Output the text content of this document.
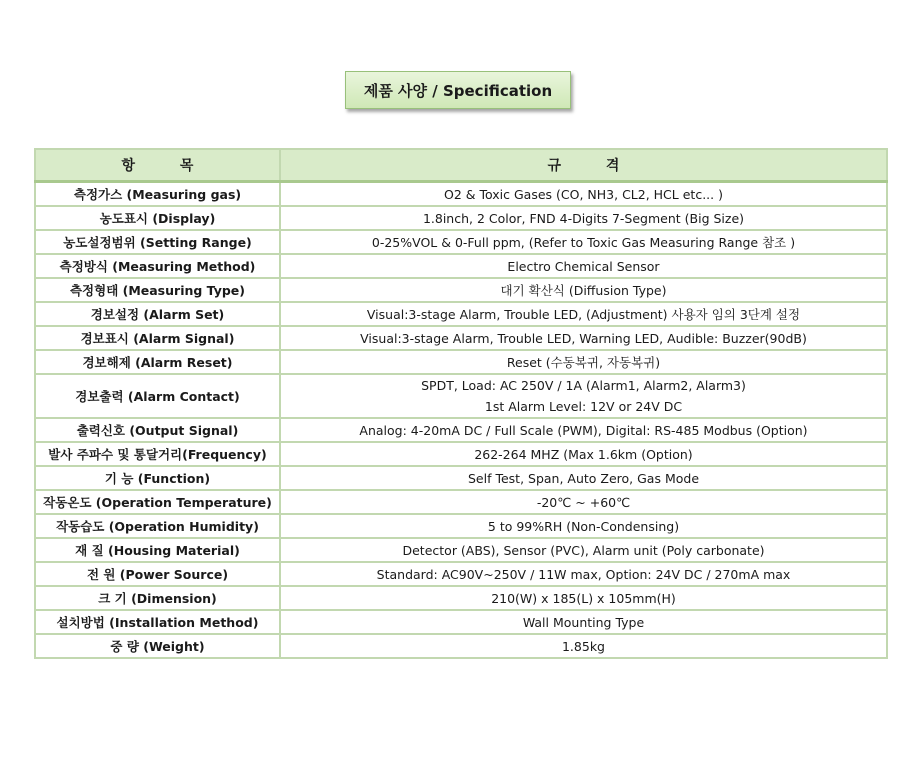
제품 사양 / Specification
항 목	규 격
측정가스 (Measuring gas)	O2 & Toxic Gases (CO, NH3, CL2, HCL etc... )

농도표시 (Display)	1.8inch, 2 Color, FND 4-Digits 7-Segment (Big Size)

농도설정범위 (Setting Range)	0-25%VOL & 0-Full ppm, (Refer to Toxic Gas Measuring Range 참조 )

측정방식 (Measuring Method)	Electro Chemical Sensor

측정형태 (Measuring Type)	대기 확산식 (Diffusion Type)

경보설정 (Alarm Set)	Visual:3-stage Alarm, Trouble LED, (Adjustment) 사용자 임의 3단계 설정

경보표시 (Alarm Signal)	Visual:3-stage Alarm, Trouble LED, Warning LED, Audible: Buzzer(90dB)

경보해제 (Alarm Reset)	Reset (수동복귀, 자동복귀)

경보출력 (Alarm Contact)	SPDT, Load: AC 250V / 1A (Alarm1, Alarm2, Alarm3)
1st Alarm Level: 12V or 24V DC

출력신호 (Output Signal)	Analog: 4-20mA DC / Full Scale (PWM), Digital: RS-485 Modbus (Option)

발사 주파수 및 통달거리(Frequency)	262-264 MHZ (Max 1.6km (Option)

기 능 (Function)	Self Test, Span, Auto Zero, Gas Mode

작동온도 (Operation Temperature)	-20℃ ~ +60℃

작동습도 (Operation Humidity)	5 to 99%RH (Non-Condensing)

재 질 (Housing Material)	Detector (ABS), Sensor (PVC), Alarm unit (Poly carbonate)

전 원 (Power Source)	Standard: AC90V~250V / 11W max, Option: 24V DC / 270mA max

크 기 (Dimension)	210(W) x 185(L) x 105mm(H)

설치방법 (Installation Method)	Wall Mounting Type

중 량 (Weight)	1.85kg
